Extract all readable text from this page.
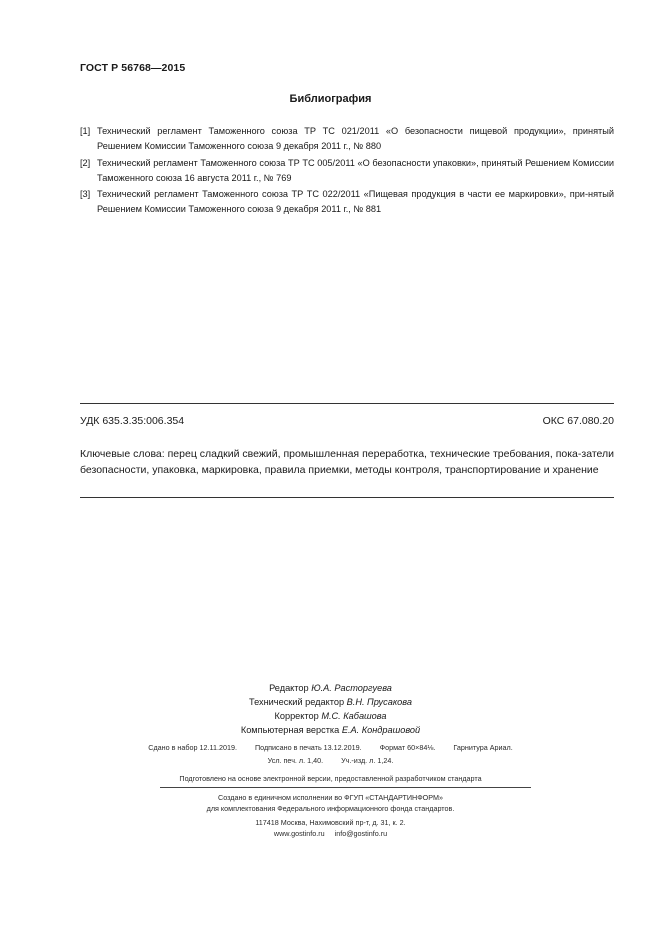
ГОСТ Р 56768—2015
Библиография
[1] Технический регламент Таможенного союза ТР ТС 021/2011 «О безопасности пищевой продукции», принятый Решением Комиссии Таможенного союза 9 декабря 2011 г., № 880
[2] Технический регламент Таможенного союза ТР ТС 005/2011 «О безопасности упаковки», принятый Решением Комиссии Таможенного союза 16 августа 2011 г., № 769
[3] Технический регламент Таможенного союза ТР ТС 022/2011 «Пищевая продукция в части ее маркировки», при-нятый Решением Комиссии Таможенного союза 9 декабря 2011 г., № 881
УДК 635.3.35:006.354	ОКС 67.080.20
Ключевые слова: перец сладкий свежий, промышленная переработка, технические требования, пока-затели безопасности, упаковка, маркировка, правила приемки, методы контроля, транспортирование и хранение
Редактор Ю.А. Расторгуева
Технический редактор В.Н. Прусакова
Корректор М.С. Кабашова
Компьютерная верстка Е.А. Кондрашовой
Сдано в набор 12.11.2019.	Подписано в печать 13.12.2019.	Формат 60×84⅛.	Гарнитура Ариал.
Усл. печ. л. 1,40.	Уч.-изд. л. 1,24.
Подготовлено на основе электронной версии, предоставленной разработчиком стандарта
Создано в единичном исполнении во ФГУП «СТАНДАРТИНФОРМ»
для комплектования Федерального информационного фонда стандартов.
117418 Москва, Нахимовский пр-т, д. 31, к. 2.
www.gostinfo.ru info@gostinfo.ru
